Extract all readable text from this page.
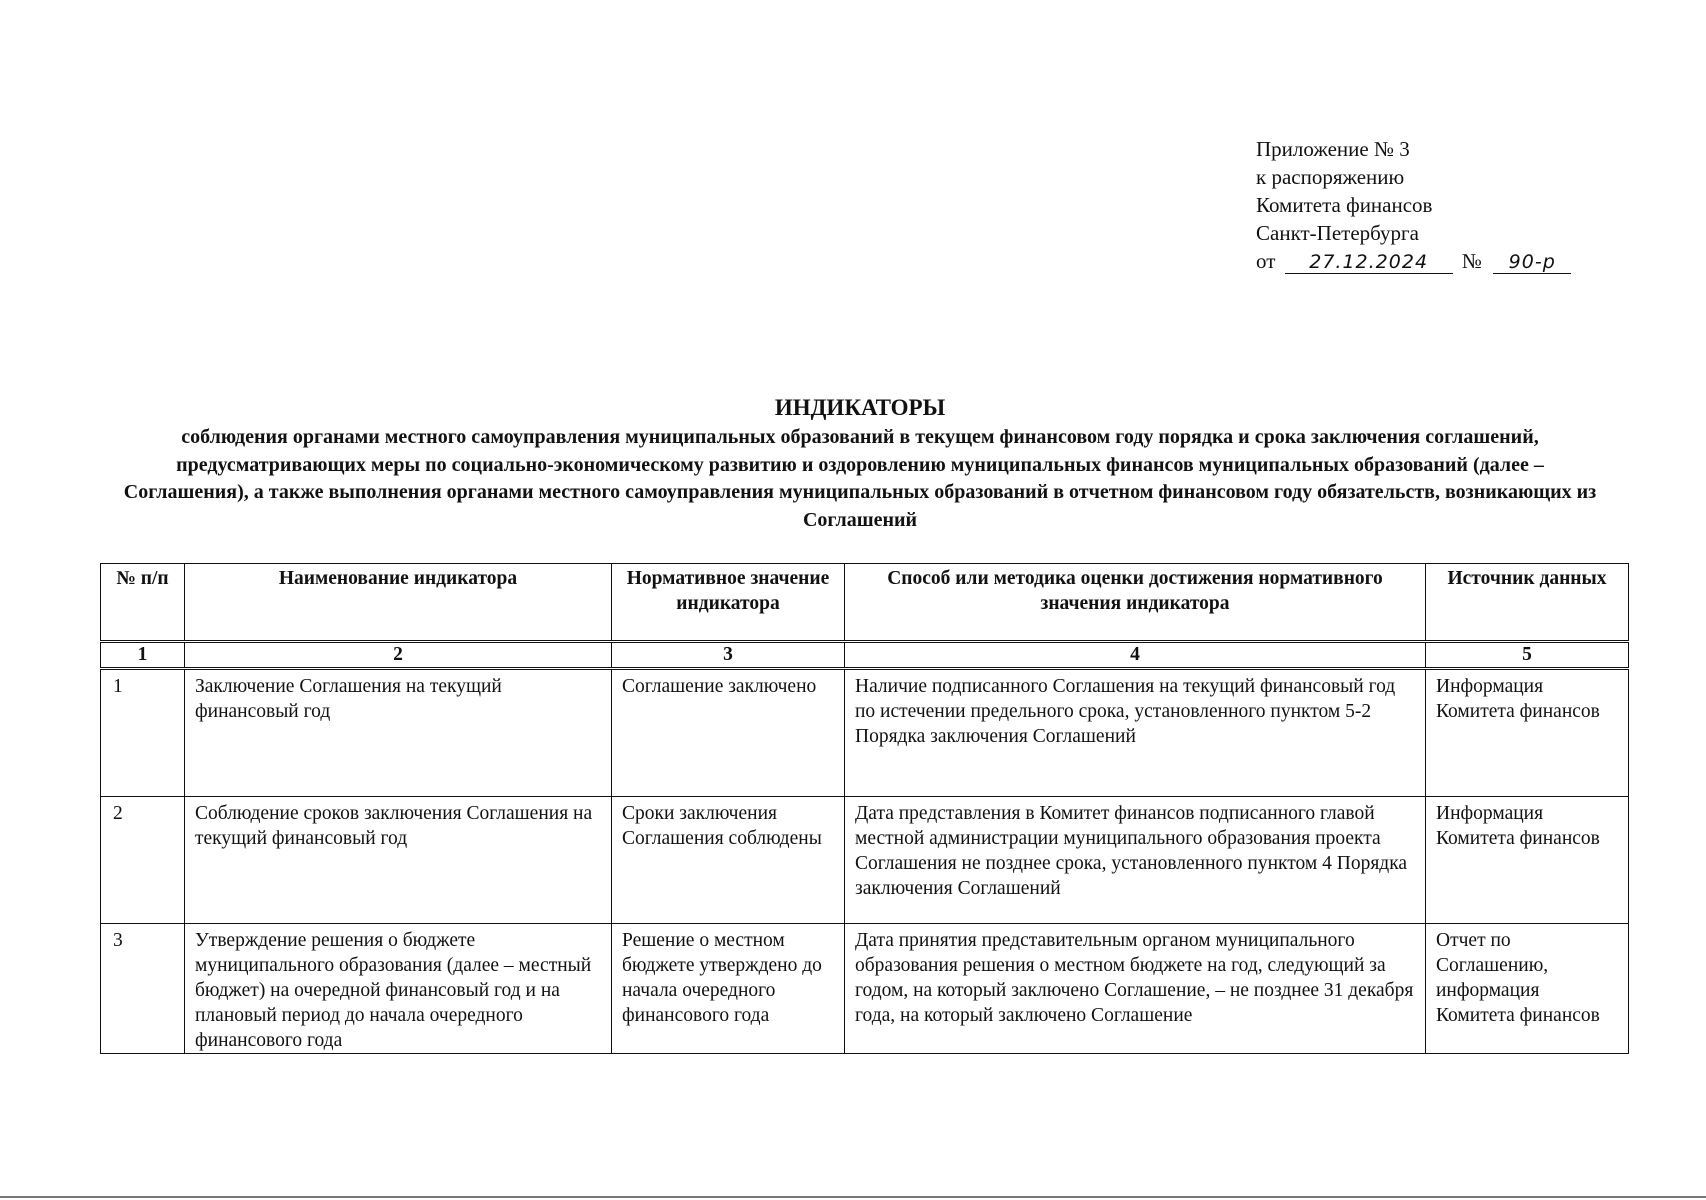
Приложение № 3
к распоряжению
Комитета финансов
Санкт-Петербурга
от 27.12.2024 № 90-р
ИНДИКАТОРЫ
соблюдения органами местного самоуправления муниципальных образований в текущем финансовом году порядка и срока заключения соглашений, предусматривающих меры по социально-экономическому развитию и оздоровлению муниципальных финансов муниципальных образований (далее – Соглашения), а также выполнения органами местного самоуправления муниципальных образований в отчетном финансовом году обязательств, возникающих из Соглашений
№ п/п	Наименование индикатора	Нормативное значение индикатора	Способ или методика оценки достижения нормативного значения индикатора	Источник данных

1	2	3	4	5

1	Заключение Соглашения на текущий финансовый год	Соглашение заключено	Наличие подписанного Соглашения на текущий финансовый год по истечении предельного срока, установленного пунктом 5-2 Порядка заключения Соглашений	Информация Комитета финансов
2	Соблюдение сроков заключения Соглашения на текущий финансовый год	Сроки заключения Соглашения соблюдены	Дата представления в Комитет финансов подписанного главой местной администрации муниципального образования проекта Соглашения не позднее срока, установленного пунктом 4 Порядка заключения Соглашений	Информация Комитета финансов
3	Утверждение решения о бюджете муниципального образования (далее – местный бюджет) на очередной финансовый год и на плановый период до начала очередного финансового года	Решение о местном бюджете утверждено до начала очередного финансового года	Дата принятия представительным органом муниципального образования решения о местном бюджете на год, следующий за годом, на который заключено Соглашение, – не позднее 31 декабря года, на который заключено Соглашение	Отчет по Соглашению, информация Комитета финансов
